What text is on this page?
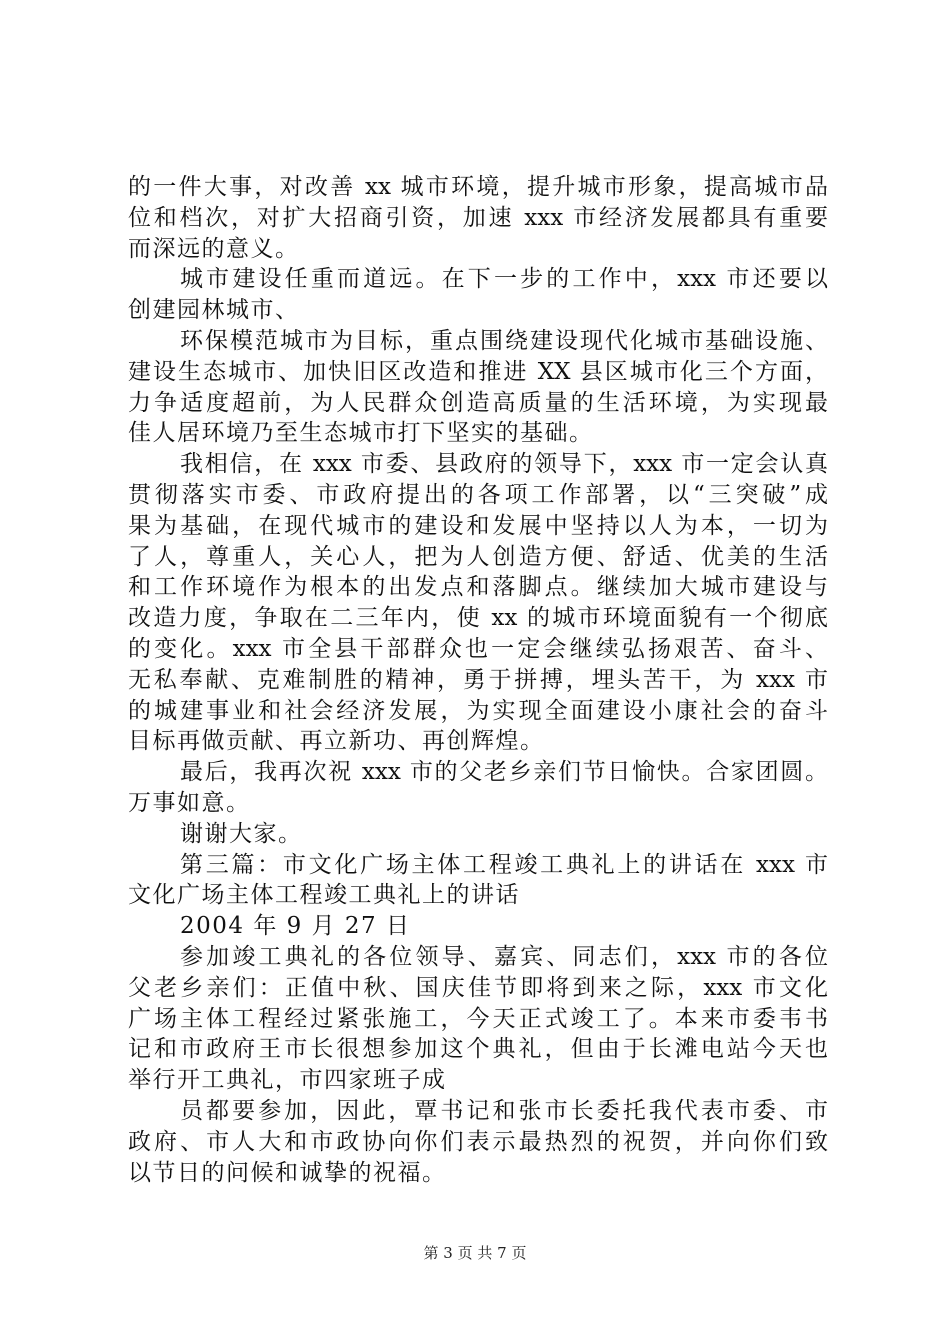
的一件大事，对改善 xx 城市环境，提升城市形象，提高城市品
位和档次，对扩大招商引资，加速 xxx 市经济发展都具有重要
而深远的意义。
城市建设任重而道远。在下一步的工作中，xxx 市还要以
创建园林城市、
环保模范城市为目标，重点围绕建设现代化城市基础设施、
建设生态城市、加快旧区改造和推进 XX 县区城市化三个方面，
力争适度超前，为人民群众创造高质量的生活环境，为实现最
佳人居环境乃至生态城市打下坚实的基础。
我相信，在 xxx 市委、县政府的领导下，xxx 市一定会认真
贯彻落实市委、市政府提出的各项工作部署，以“三突破”成
果为基础，在现代城市的建设和发展中坚持以人为本，一切为
了人，尊重人，关心人，把为人创造方便、舒适、优美的生活
和工作环境作为根本的出发点和落脚点。继续加大城市建设与
改造力度，争取在二三年内，使 xx 的城市环境面貌有一个彻底
的变化。xxx 市全县干部群众也一定会继续弘扬艰苦、奋斗、
无私奉献、克难制胜的精神，勇于拼搏，埋头苦干，为 xxx 市
的城建事业和社会经济发展，为实现全面建设小康社会的奋斗
目标再做贡献、再立新功、再创辉煌。
最后，我再次祝 xxx 市的父老乡亲们节日愉快。合家团圆。
万事如意。
谢谢大家。
第三篇：市文化广场主体工程竣工典礼上的讲话在 xxx 市
文化广场主体工程竣工典礼上的讲话
2004 年 9 月 27 日
参加竣工典礼的各位领导、嘉宾、同志们，xxx 市的各位
父老乡亲们：正值中秋、国庆佳节即将到来之际，xxx 市文化
广场主体工程经过紧张施工，今天正式竣工了。本来市委韦书
记和市政府王市长很想参加这个典礼，但由于长滩电站今天也
举行开工典礼，市四家班子成
员都要参加，因此，覃书记和张市长委托我代表市委、市
政府、市人大和市政协向你们表示最热烈的祝贺，并向你们致
以节日的问候和诚挚的祝福。
第 3 页 共 7 页
